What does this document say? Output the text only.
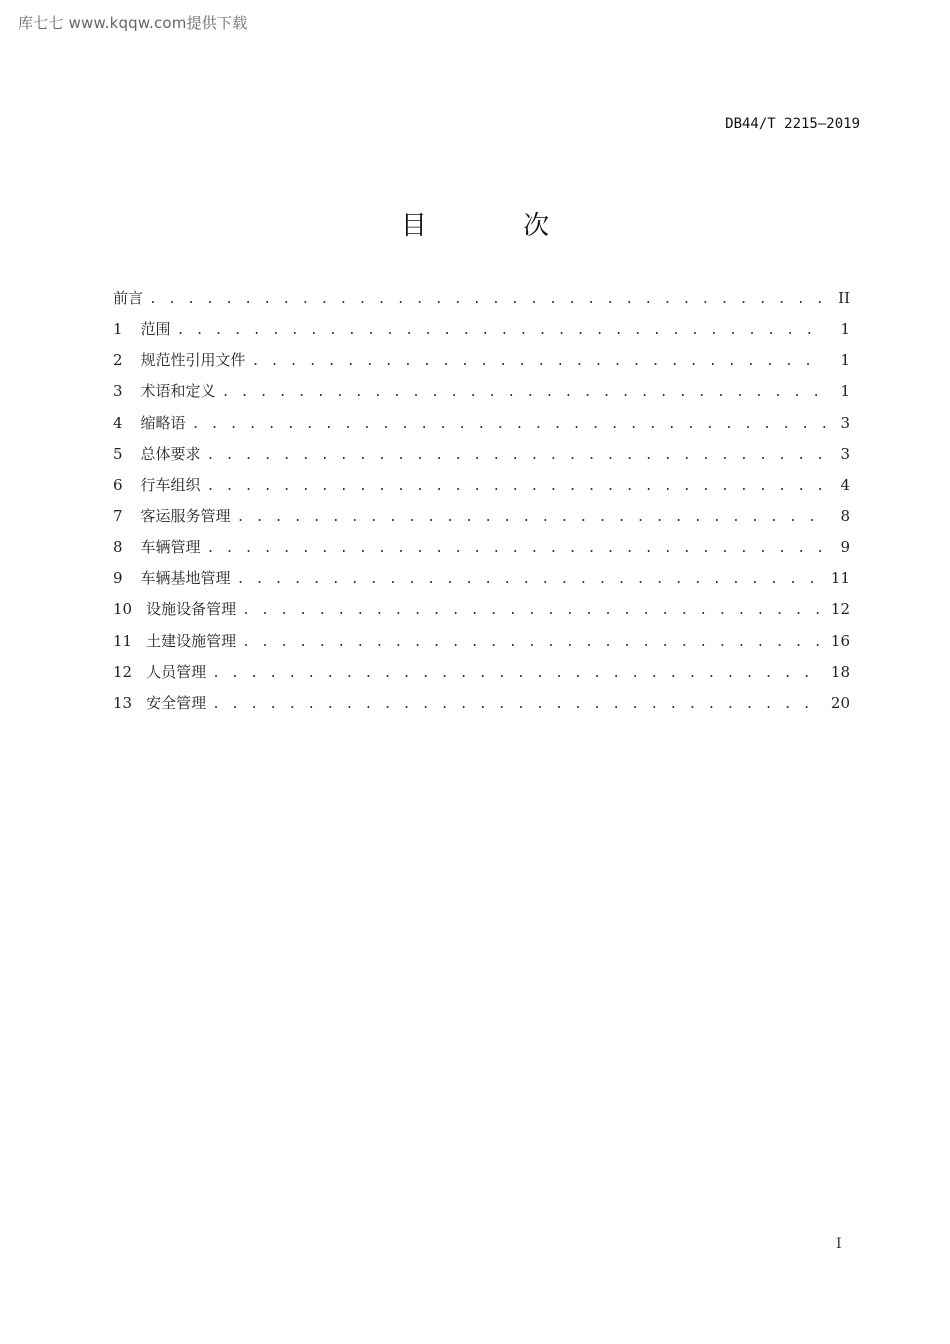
库七七 www.kqqw.com提供下载
DB44/T 2215—2019
目 次
前言 . . .	II
1 范围 . . .	1
2 规范性引用文件 . . .	1
3 术语和定义 . . .	1
4 缩略语 . . .	3
5 总体要求 . . .	3
6 行车组织 . . .	4
7 客运服务管理 . . .	8
8 车辆管理 . . .	9
9 车辆基地管理 . . .	11
10 设施设备管理 . . .	12
11 土建设施管理 . . .	16
12 人员管理 . . .	18
13 安全管理 . . .	20
I
